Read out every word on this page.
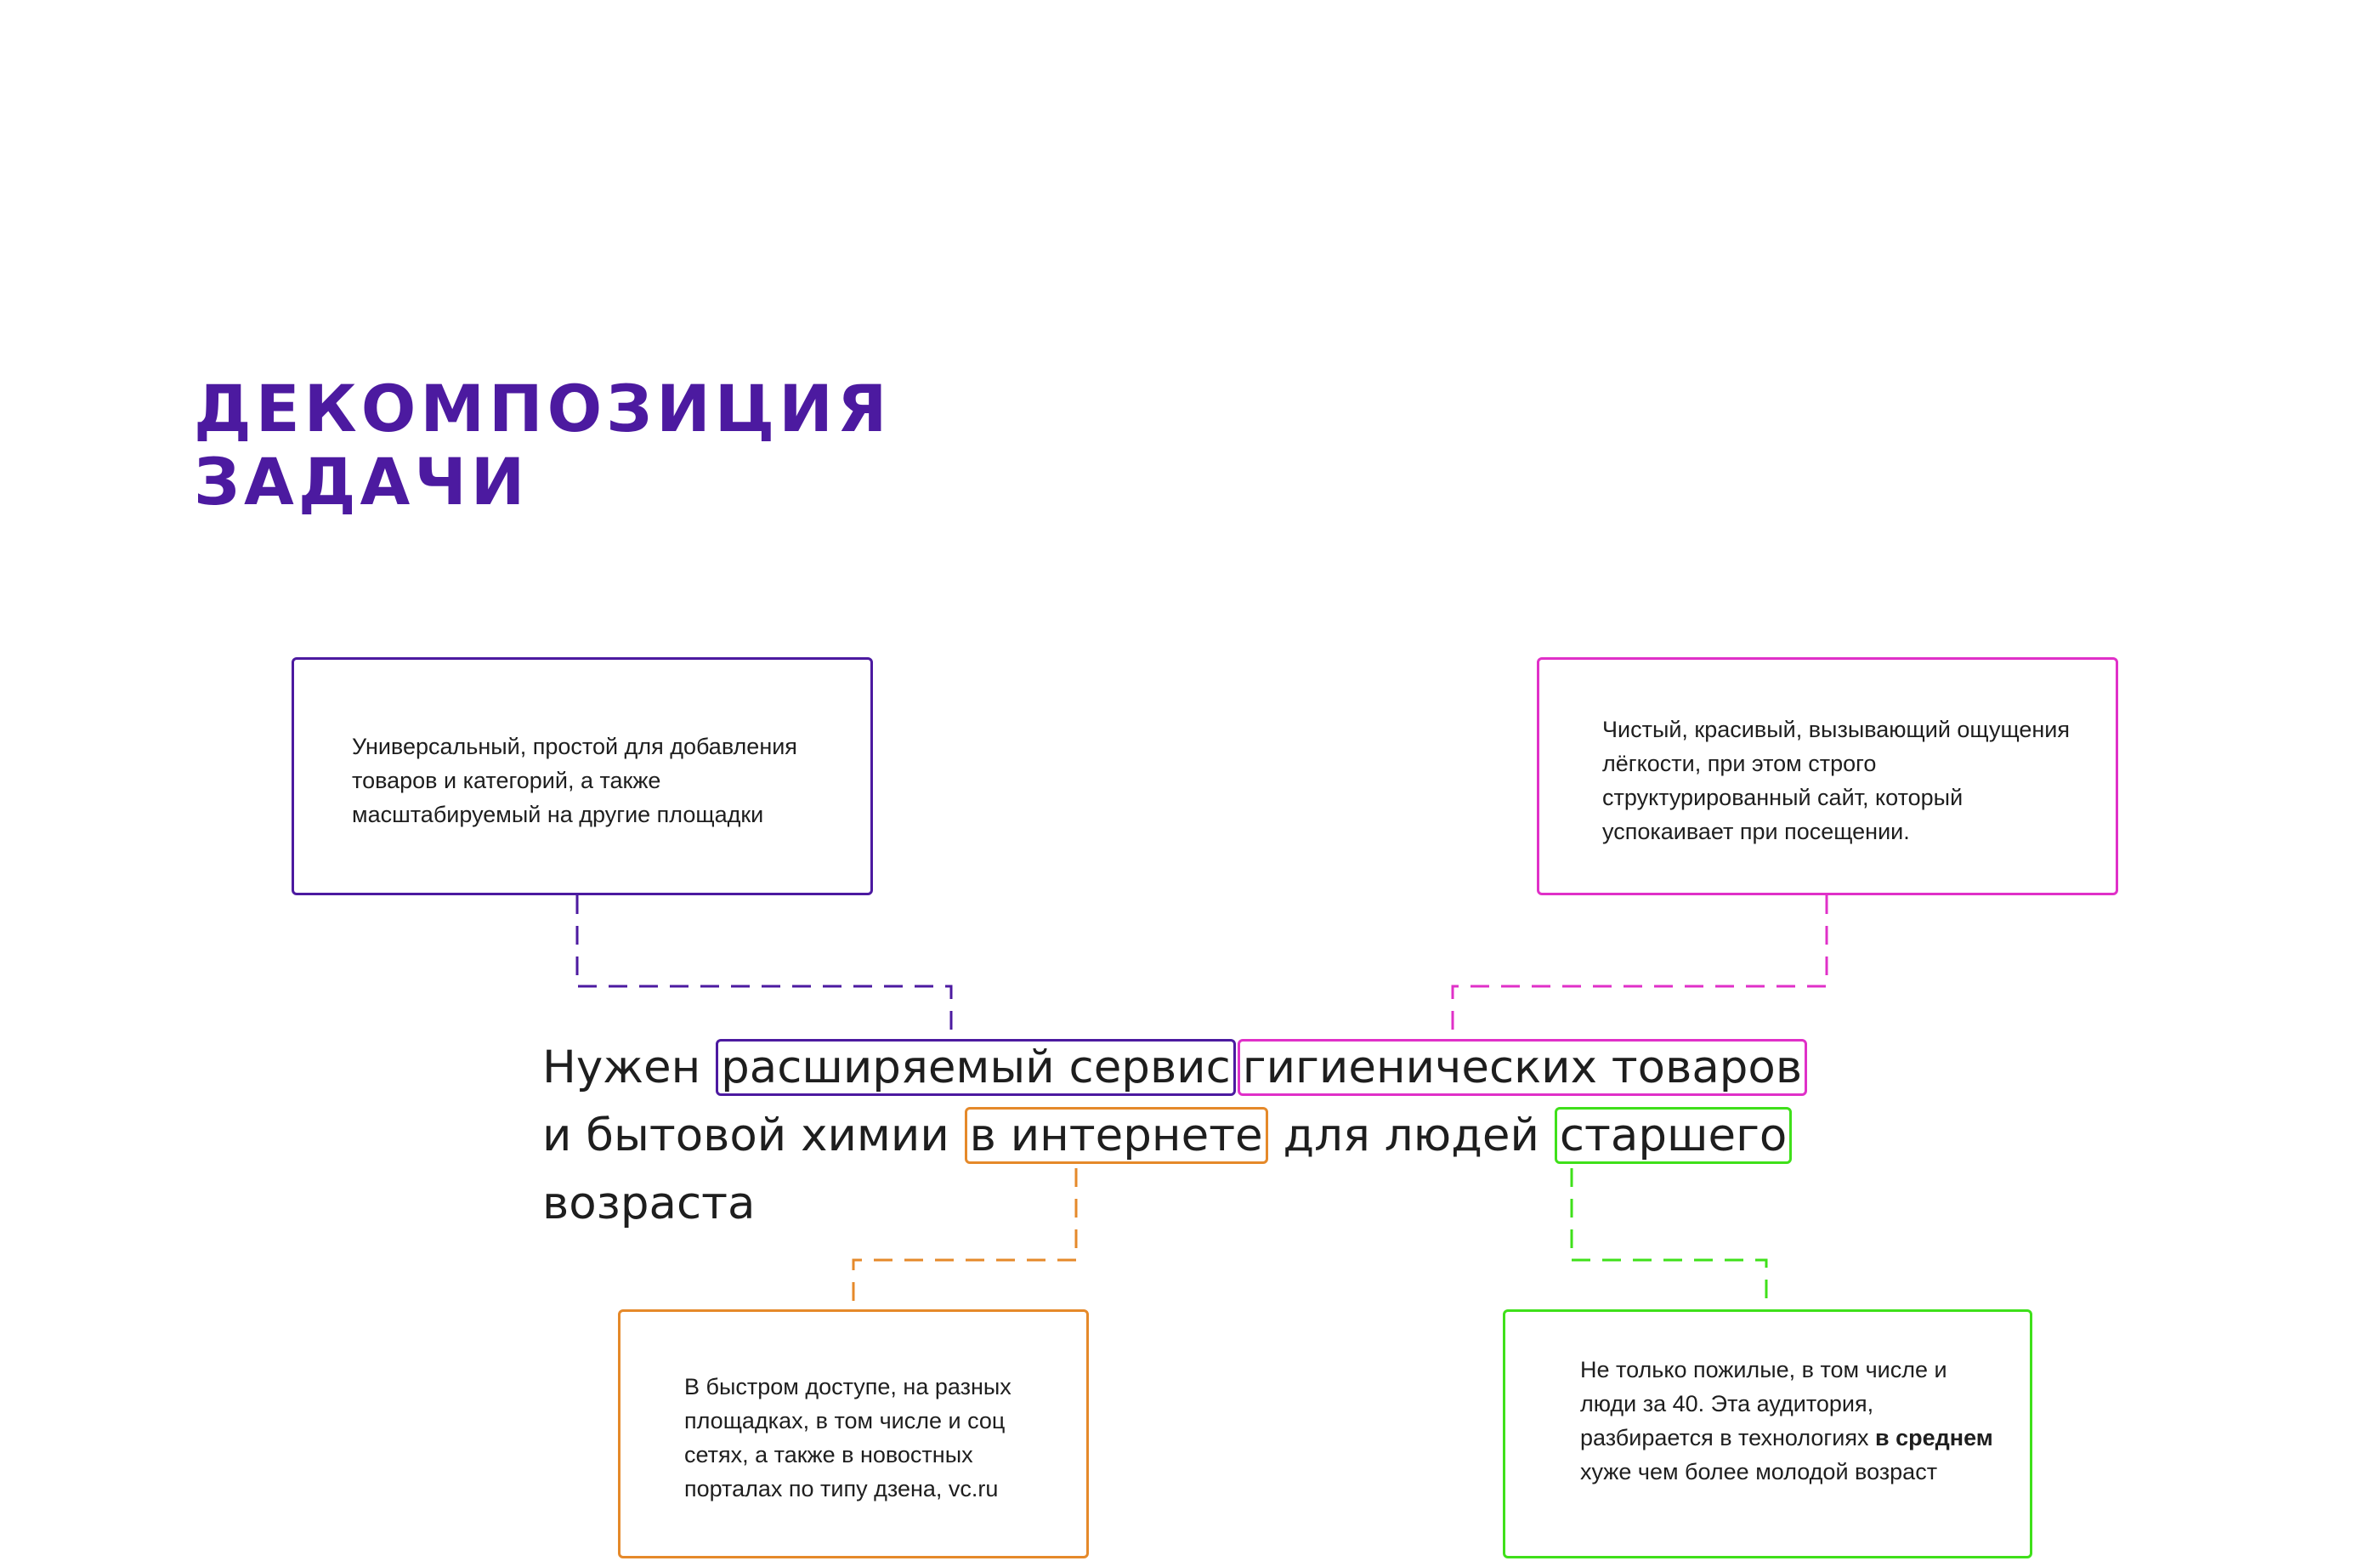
ДЕКОМПОЗИЦИЯ
ЗАДАЧИ

Универсальный, простой для добавления товаров и категорий, а также масштабируемый на другие площадки

Чистый, красивый, вызывающий ощущения лёгкости, при этом строго структурированный сайт, который успокаивает при посещении.

Нужен расширяемый сервис гигиенических товаров
и бытовой химии в интернете для людей старшего
возраста

В быстром доступе, на разных площадках, в том числе и соц сетях, а также в новостных порталах по типу дзена, vc.ru

Не только пожилые, в том числе и люди за 40. Эта аудитория, разбирается в технологиях в среднем хуже чем более молодой возраст
